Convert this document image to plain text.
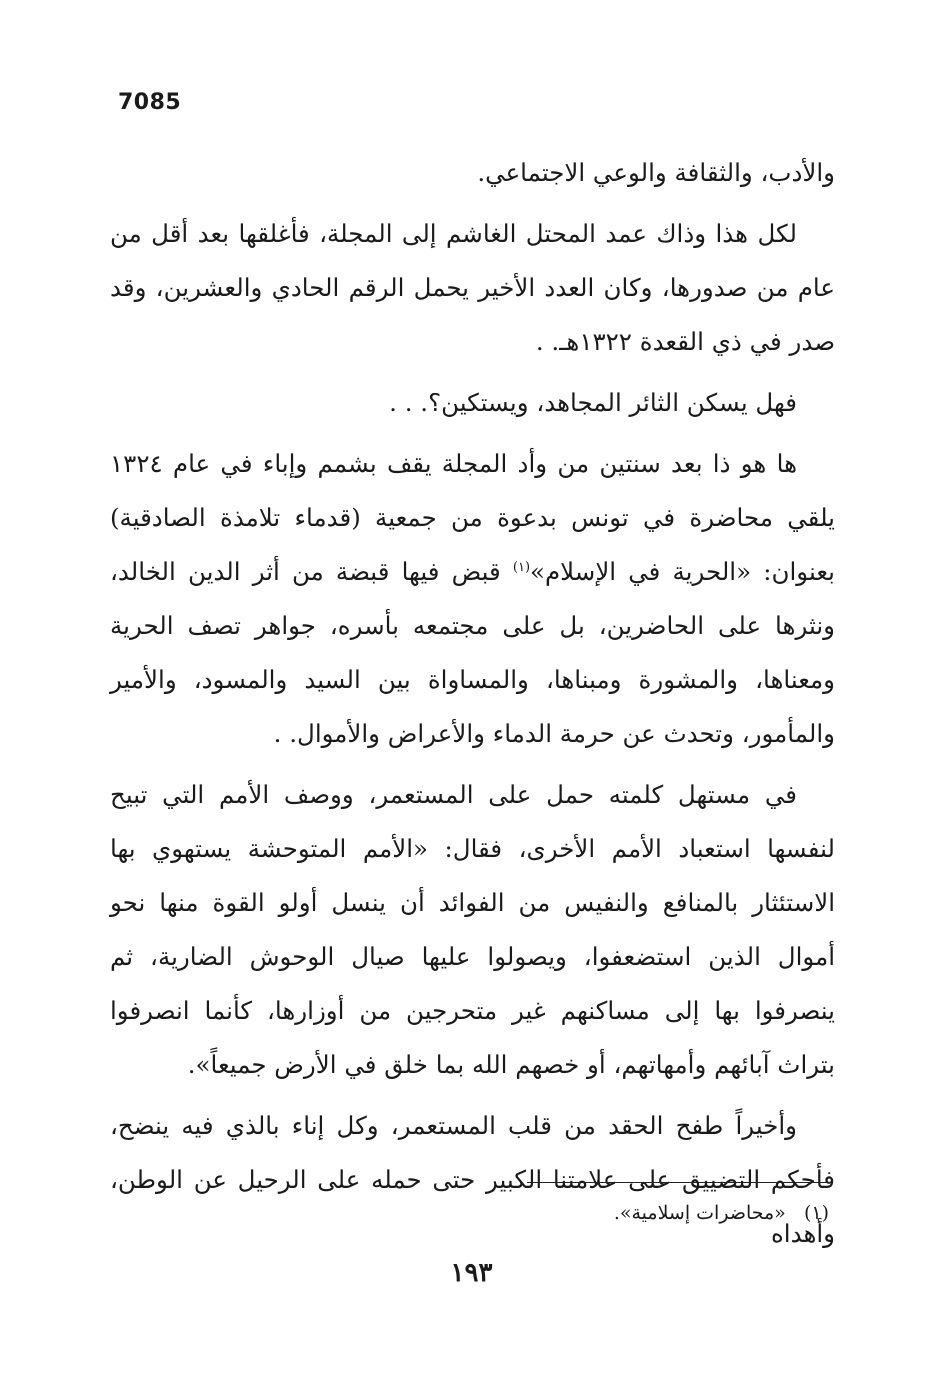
7085

والأدب، والثقافة والوعي الاجتماعي.

لكل هذا وذاك عمد المحتل الغاشم إلى المجلة، فأغلقها بعد أقل من عام من صدورها، وكان العدد الأخير يحمل الرقم الحادي والعشرين، وقد صدر في ذي القعدة ١٣٢٢هـ. .

فهل يسكن الثائر المجاهد، ويستكين؟. . .

ها هو ذا بعد سنتين من وأد المجلة يقف بشمم وإباء في عام ١٣٢٤ يلقي محاضرة في تونس بدعوة من جمعية (قدماء تلامذة الصادقية) بعنوان: «الحرية في الإسلام»$^{(١)}$ قبض فيها قبضة من أثر الدين الخالد، ونثرها على الحاضرين، بل على مجتمعه بأسره، جواهر تصف الحرية ومعناها، والمشورة ومبناها، والمساواة بين السيد والمسود، والأمير والمأمور، وتحدث عن حرمة الدماء والأعراض والأموال. .

في مستهل كلمته حمل على المستعمر، ووصف الأمم التي تبيح لنفسها استعباد الأمم الأخرى، فقال: «الأمم المتوحشة يستهوي بها الاستئثار بالمنافع والنفيس من الفوائد أن ينسل أولو القوة منها نحو أموال الذين استضعفوا، ويصولوا عليها صيال الوحوش الضارية، ثم ينصرفوا بها إلى مساكنهم غير متحرجين من أوزارها، كأنما انصرفوا بتراث آبائهم وأمهاتهم، أو خصهم الله بما خلق في الأرض جميعاً».

وأخيراً طفح الحقد من قلب المستعمر، وكل إناء بالذي فيه ينضح، فأحكم التضييق على علامتنا الكبير حتى حمله على الرحيل عن الوطن، وأهداه

(١)   «محاضرات إسلامية».
١٩٣
